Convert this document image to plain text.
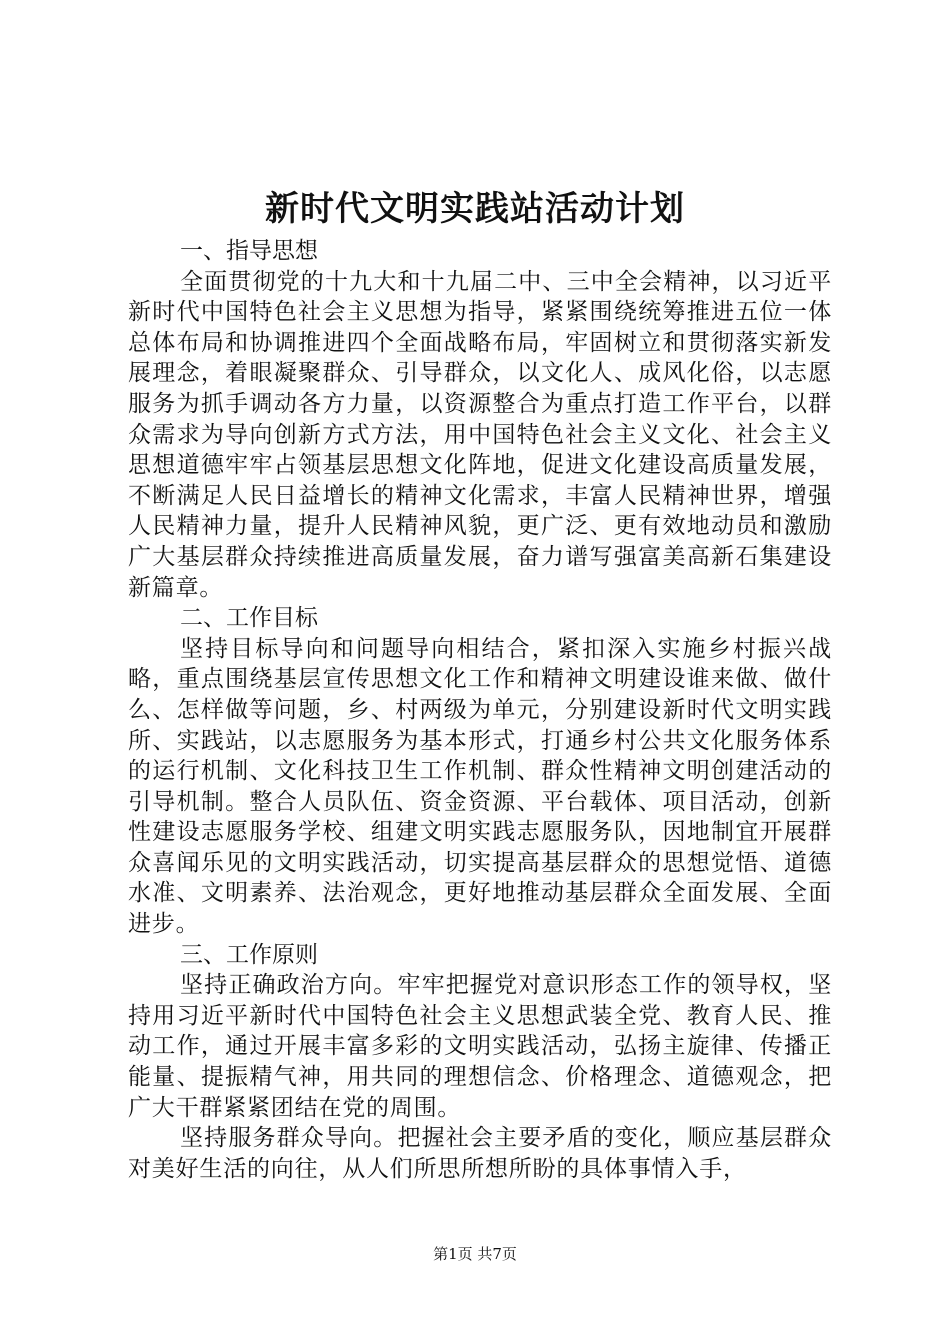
新时代文明实践站活动计划

一、指导思想

全面贯彻党的十九大和十九届二中、三中全会精神，以习近平新时代中国特色社会主义思想为指导，紧紧围绕统筹推进五位一体总体布局和协调推进四个全面战略布局，牢固树立和贯彻落实新发展理念，着眼凝聚群众、引导群众，以文化人、成风化俗，以志愿服务为抓手调动各方力量，以资源整合为重点打造工作平台，以群众需求为导向创新方式方法，用中国特色社会主义文化、社会主义思想道德牢牢占领基层思想文化阵地，促进文化建设高质量发展，不断满足人民日益增长的精神文化需求，丰富人民精神世界，增强人民精神力量，提升人民精神风貌，更广泛、更有效地动员和激励广大基层群众持续推进高质量发展，奋力谱写强富美高新石集建设新篇章。

二、工作目标

坚持目标导向和问题导向相结合，紧扣深入实施乡村振兴战略，重点围绕基层宣传思想文化工作和精神文明建设谁来做、做什么、怎样做等问题，乡、村两级为单元，分别建设新时代文明实践所、实践站，以志愿服务为基本形式，打通乡村公共文化服务体系的运行机制、文化科技卫生工作机制、群众性精神文明创建活动的引导机制。整合人员队伍、资金资源、平台载体、项目活动，创新性建设志愿服务学校、组建文明实践志愿服务队，因地制宜开展群众喜闻乐见的文明实践活动，切实提高基层群众的思想觉悟、道德水准、文明素养、法治观念，更好地推动基层群众全面发展、全面进步。

三、工作原则

坚持正确政治方向。牢牢把握党对意识形态工作的领导权，坚持用习近平新时代中国特色社会主义思想武装全党、教育人民、推动工作，通过开展丰富多彩的文明实践活动，弘扬主旋律、传播正能量、提振精气神，用共同的理想信念、价格理念、道德观念，把广大干群紧紧团结在党的周围。

坚持服务群众导向。把握社会主要矛盾的变化，顺应基层群众对美好生活的向往，从人们所思所想所盼的具体事情入手，

第1页 共7页
